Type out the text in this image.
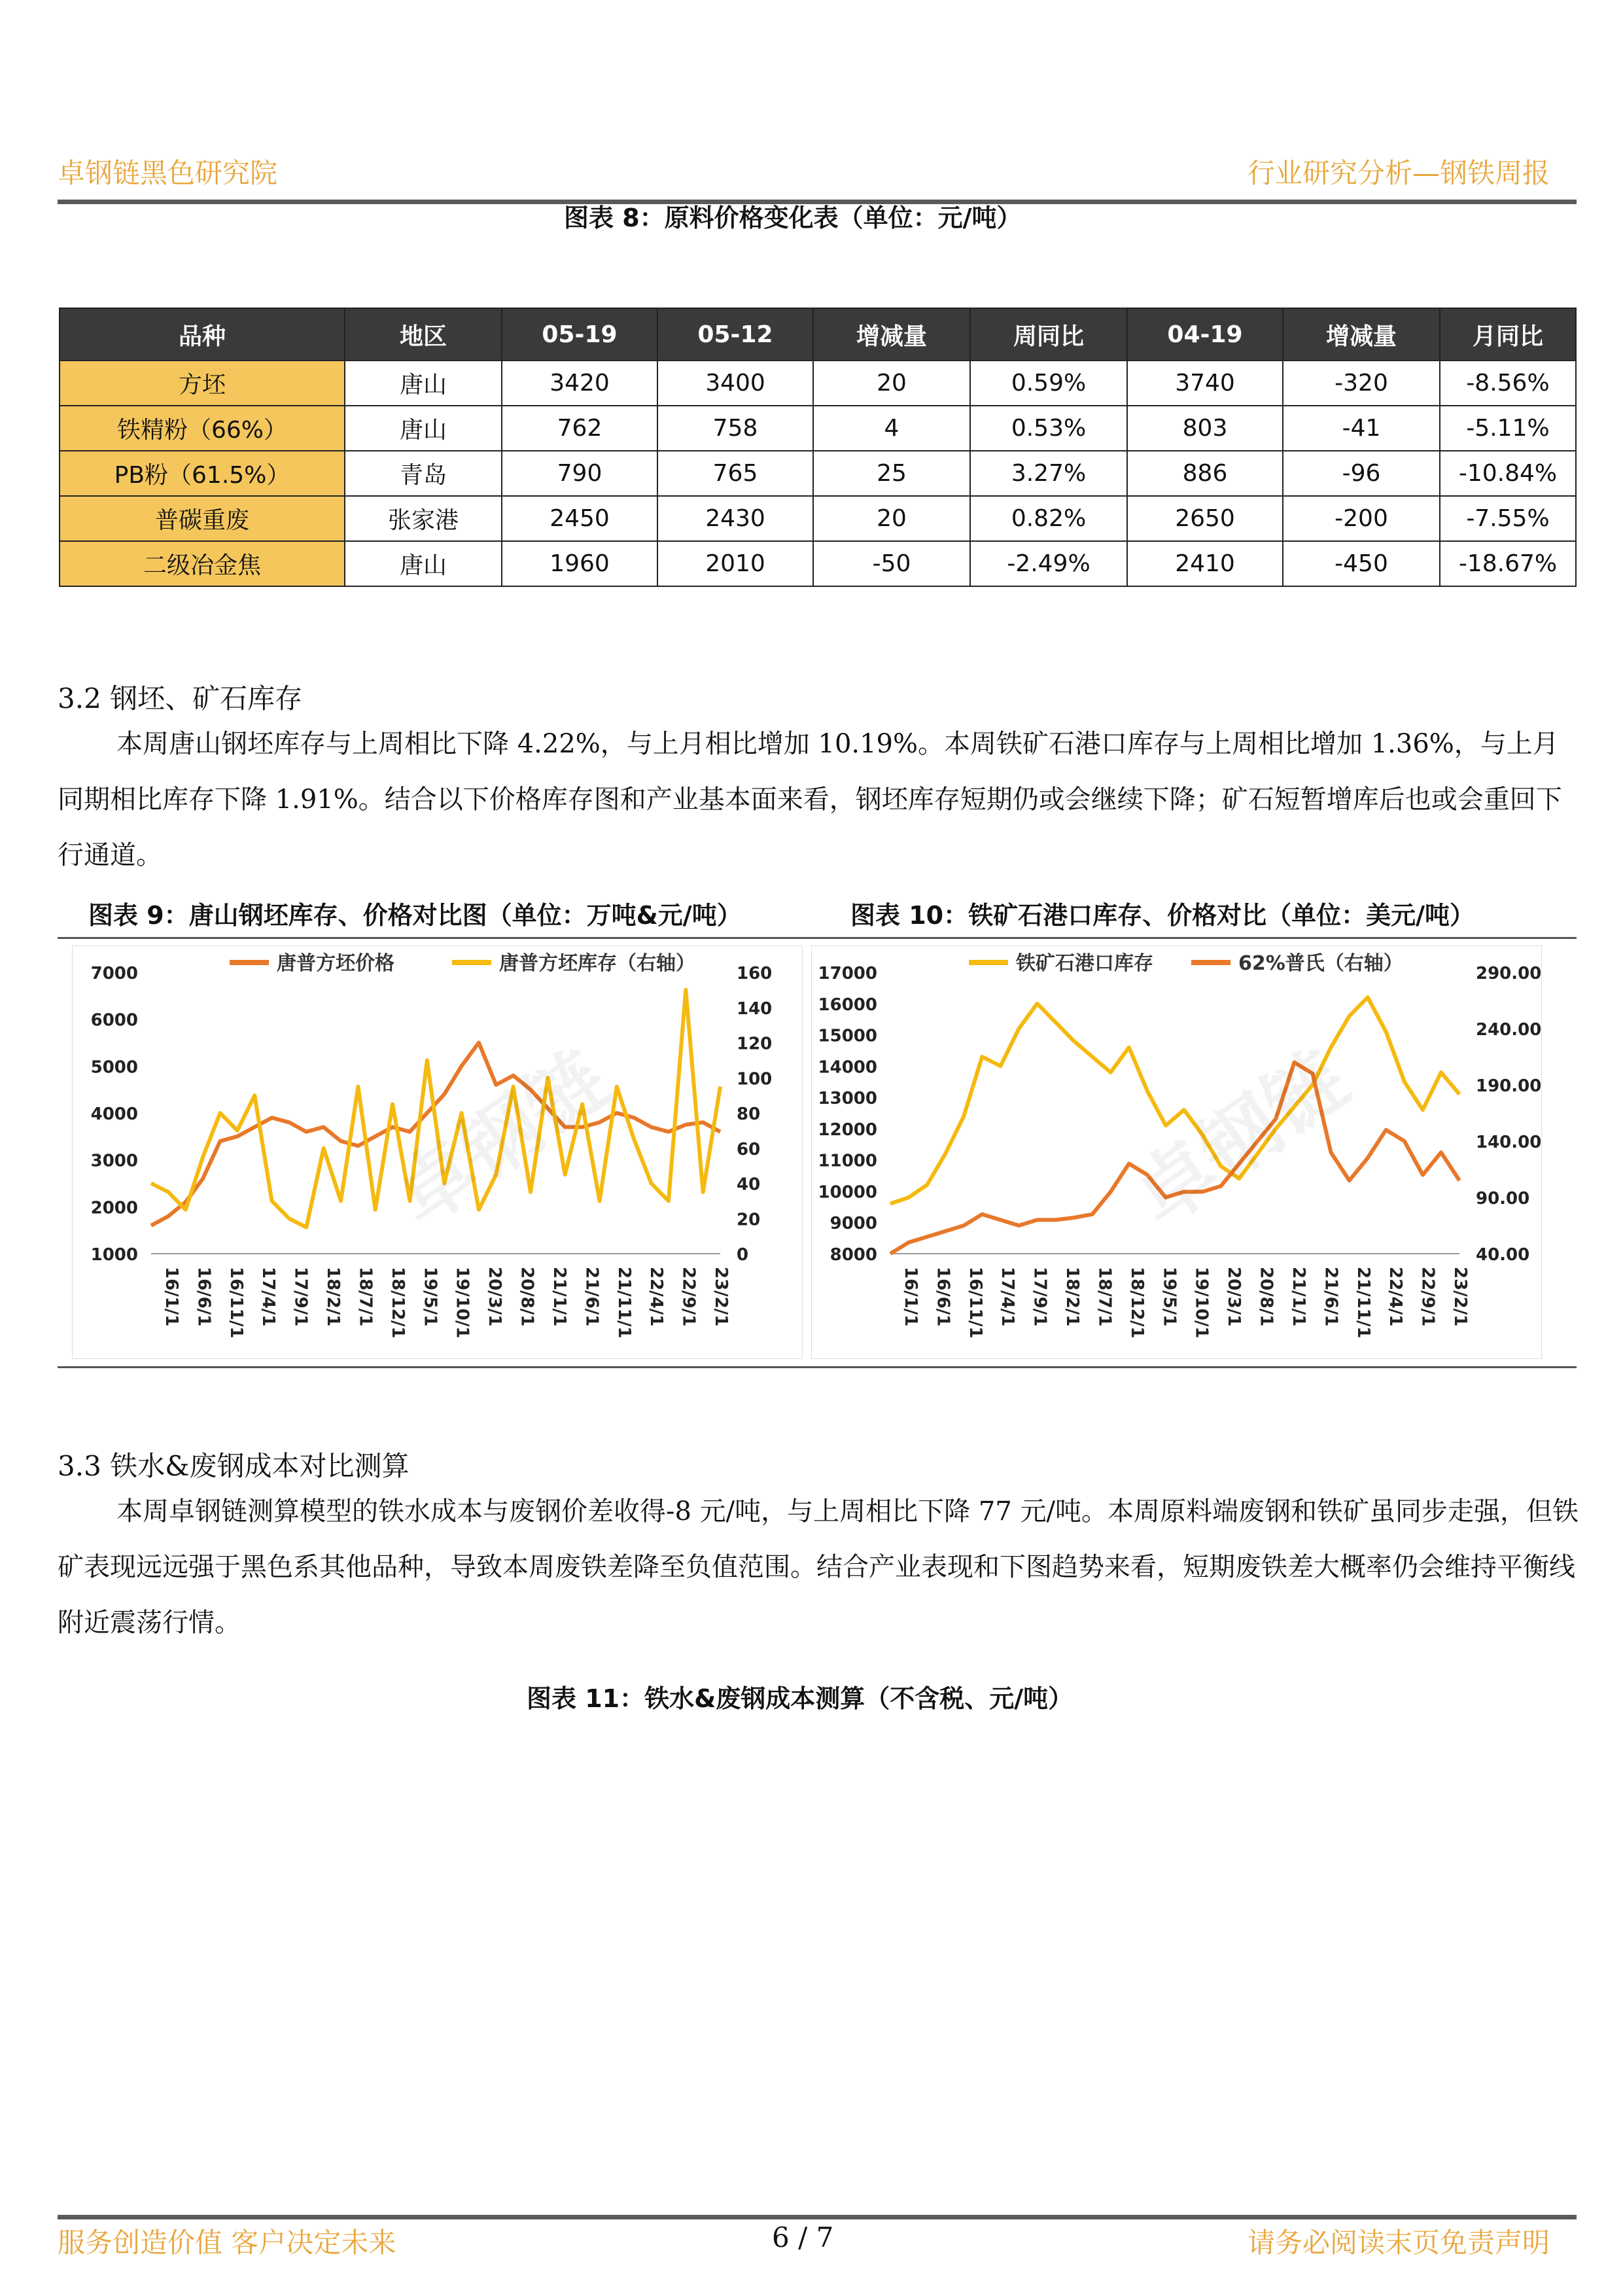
卓钢链黑色研究院	行业研究分析—钢铁周报
图表 8：原料价格变化表（单位：元/吨）
品种	地区	05-19	05-12	增减量	周同比	04-19	增减量	月同比
方坯	唐山	3420	3400	20	0.59%	3740	-320	-8.56%
铁精粉（66%）	唐山	762	758	4	0.53%	803	-41	-5.11%
PB粉（61.5%）	青岛	790	765	25	3.27%	886	-96	-10.84%
普碳重废	张家港	2450	2430	20	0.82%	2650	-200	-7.55%
二级冶金焦	唐山	1960	2010	-50	-2.49%	2410	-450	-18.67%
3.2 钢坯、矿石库存
本周唐山钢坯库存与上周相比下降 4.22%，与上月相比增加 10.19%。本周铁矿石港口库存与上周相比增加 1.36%，与上月同期相比库存下降 1.91%。结合以下价格库存图和产业基本面来看，钢坯库存短期仍或会继续下降；矿石短暂增库后也或会重回下行通道。
图表 9：唐山钢坯库存、价格对比图（单位：万吨&元/吨）	图表 10：铁矿石港口库存、价格对比（单位：美元/吨）
卓钢链
唐普方坯价格	唐普方坯库存（右轴）
7000
6000
5000
4000
3000
2000
1000
160
140
120
100
80
60
40
20
0
16/1/1 16/6/1 16/11/1 17/4/1 17/9/1 18/2/1 18/7/1 18/12/1 19/5/1 19/10/1 20/3/1 20/8/1 21/1/1 21/6/1 21/11/1 22/4/1 22/9/1 23/2/1
卓钢链
铁矿石港口库存	62%普氏（右轴）
17000
16000
15000
14000
13000
12000
11000
10000
9000
8000
290.00
240.00
190.00
140.00
90.00
40.00
16/1/1 16/6/1 16/11/1 17/4/1 17/9/1 18/2/1 18/7/1 18/12/1 19/5/1 19/10/1 20/3/1 20/8/1 21/1/1 21/6/1 21/11/1 22/4/1 22/9/1 23/2/1
3.3 铁水&废钢成本对比测算
本周卓钢链测算模型的铁水成本与废钢价差收得-8 元/吨，与上周相比下降 77 元/吨。本周原料端废钢和铁矿虽同步走强，但铁矿表现远远强于黑色系其他品种，导致本周废铁差降至负值范围。结合产业表现和下图趋势来看，短期废铁差大概率仍会维持平衡线附近震荡行情。
图表 11：铁水&废钢成本测算（不含税、元/吨）
服务创造价值 客户决定未来	6 / 7	请务必阅读末页免责声明
